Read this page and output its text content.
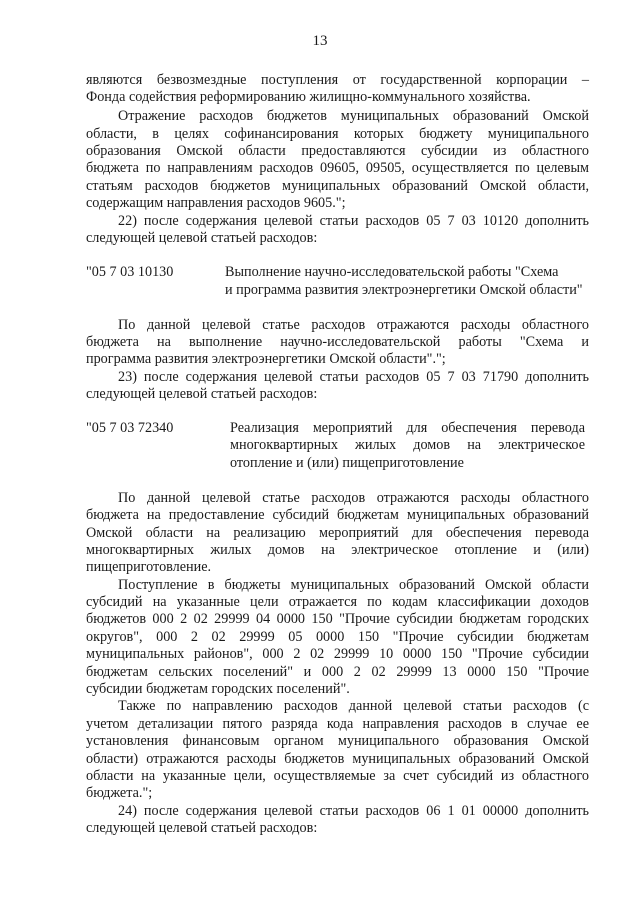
13
являются безвозмездные поступления от государственной корпорации –
Фонда содействия реформированию жилищно-коммунального хозяйства.
Отражение расходов бюджетов муниципальных образований Омской
области, в целях софинансирования которых бюджету муниципального
образования Омской области предоставляются субсидии из областного
бюджета по направлениям расходов 09605, 09505, осуществляется по целевым
статьям расходов бюджетов муниципальных образований Омской области,
содержащим направления расходов 9605.";
22) после содержания целевой статьи расходов 05 7 03 10120 дополнить
следующей целевой статьей расходов:
"05 7 03 10130	Выполнение научно-исследовательской работы "Схема
и программа развития электроэнергетики Омской области"
По данной целевой статье расходов отражаются расходы областного
бюджета на выполнение научно-исследовательской работы "Схема и
программа развития электроэнергетики Омской области".";
23) после содержания целевой статьи расходов 05 7 03 71790 дополнить
следующей целевой статьей расходов:
"05 7 03 72340	Реализация мероприятий для обеспечения перевода
многоквартирных жилых домов на электрическое
отопление и (или) пищеприготовление
По данной целевой статье расходов отражаются расходы областного
бюджета на предоставление субсидий бюджетам муниципальных образований
Омской области на реализацию мероприятий для обеспечения перевода
многоквартирных жилых домов на электрическое отопление и (или)
пищеприготовление.
Поступление в бюджеты муниципальных образований Омской области
субсидий на указанные цели отражается по кодам классификации доходов
бюджетов 000 2 02 29999 04 0000 150 "Прочие субсидии бюджетам городских
округов", 000 2 02 29999 05 0000 150 "Прочие субсидии бюджетам
муниципальных районов", 000 2 02 29999 10 0000 150 "Прочие субсидии
бюджетам сельских поселений" и 000 2 02 29999 13 0000 150 "Прочие
субсидии бюджетам городских поселений".
Также по направлению расходов данной целевой статьи расходов (с
учетом детализации пятого разряда кода направления расходов в случае ее
установления финансовым органом муниципального образования Омской
области) отражаются расходы бюджетов муниципальных образований Омской
области на указанные цели, осуществляемые за счет субсидий из областного
бюджета.";
24) после содержания целевой статьи расходов 06 1 01 00000 дополнить
следующей целевой статьей расходов:
